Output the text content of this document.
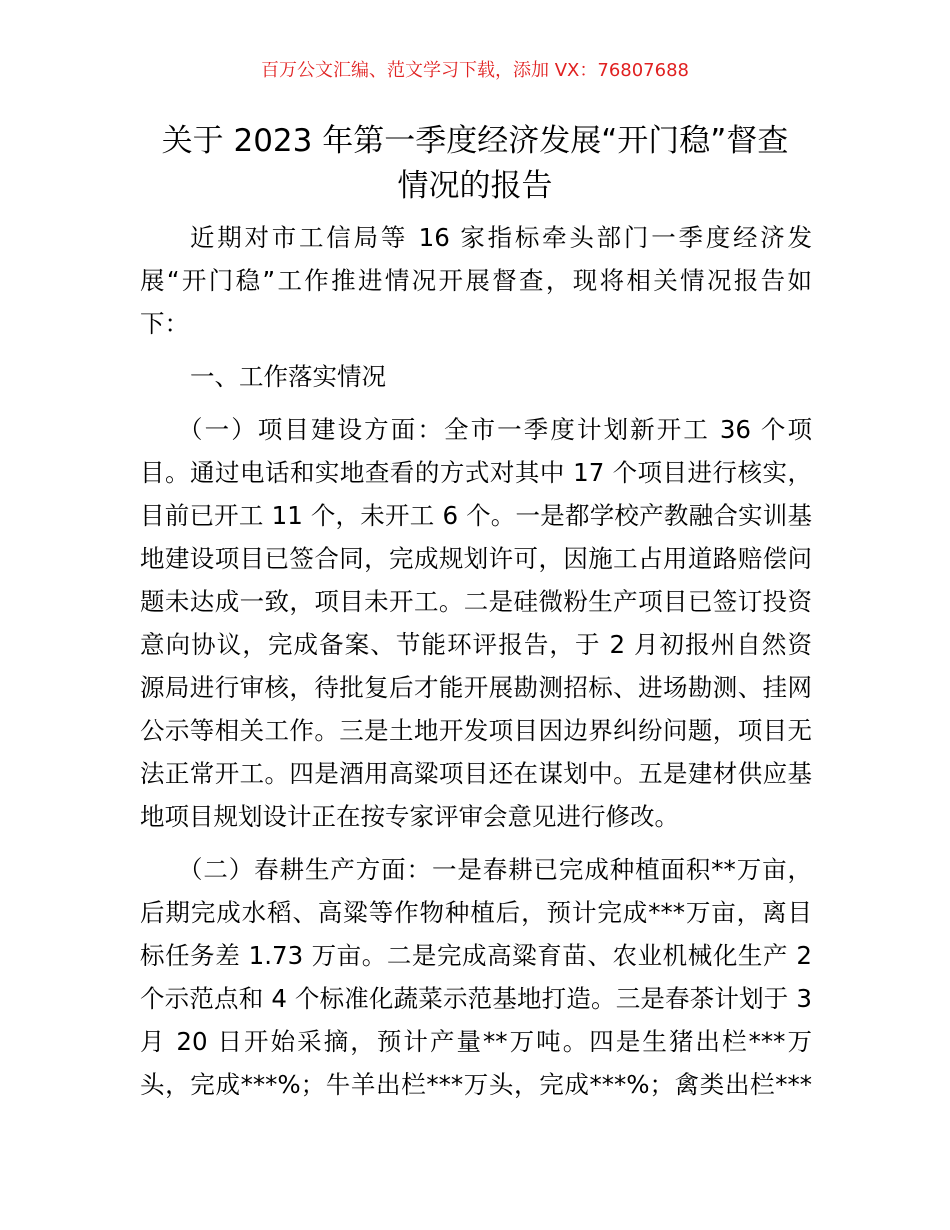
百万公文汇编、范文学习下载，添加 VX：76807688
关于 2023 年第一季度经济发展“开门稳”督查
情况的报告
近期对市工信局等 16 家指标牵头部门一季度经济发
展“开门稳”工作推进情况开展督查，现将相关情况报告如
下：
一、工作落实情况
（一）项目建设方面：全市一季度计划新开工 36 个项
目。通过电话和实地查看的方式对其中 17 个项目进行核实，
目前已开工 11 个，未开工 6 个。一是都学校产教融合实训基
地建设项目已签合同，完成规划许可，因施工占用道路赔偿问
题未达成一致，项目未开工。二是硅微粉生产项目已签订投资
意向协议，完成备案、节能环评报告，于 2 月初报州自然资
源局进行审核，待批复后才能开展勘测招标、进场勘测、挂网
公示等相关工作。三是土地开发项目因边界纠纷问题，项目无
法正常开工。四是酒用高粱项目还在谋划中。五是建材供应基
地项目规划设计正在按专家评审会意见进行修改。
（二）春耕生产方面：一是春耕已完成种植面积**万亩，
后期完成水稻、高粱等作物种植后，预计完成***万亩，离目
标任务差 1.73 万亩。二是完成高粱育苗、农业机械化生产 2
个示范点和 4 个标准化蔬菜示范基地打造。三是春茶计划于 3
月 20 日开始采摘，预计产量**万吨。四是生猪出栏***万
头，完成***%；牛羊出栏***万头，完成***%；禽类出栏***
